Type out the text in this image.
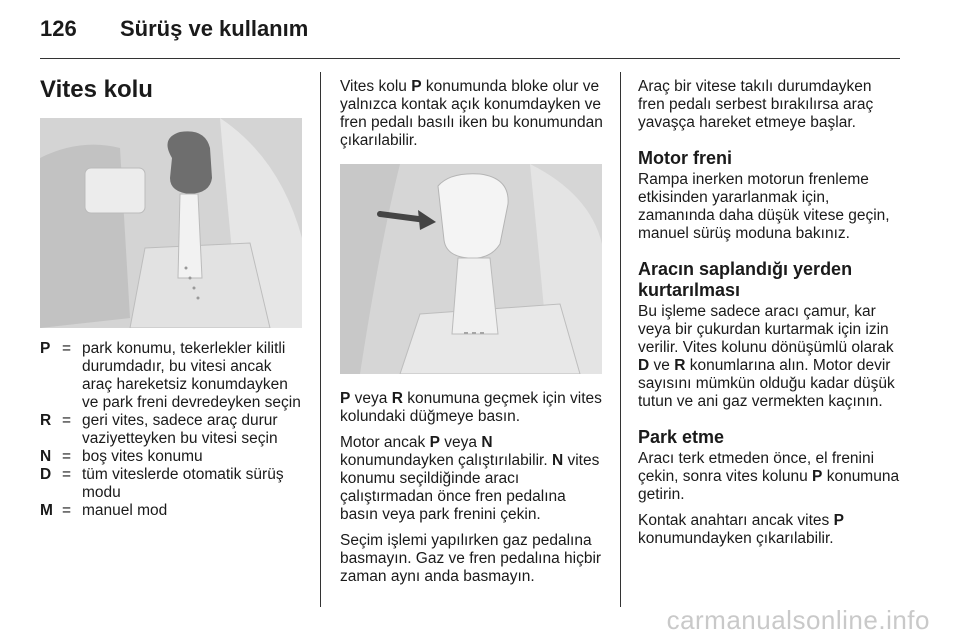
126	Sürüş ve kullanım
Vites kolu
P = park konumu, tekerlekler kilitli durumdadır, bu vitesi ancak araç hareketsiz konumdayken ve park freni devredeyken seçin
R = geri vites, sadece araç durur vaziyetteyken bu vitesi seçin
N = boş vites konumu
D = tüm viteslerde otomatik sürüş modu
M = manuel mod

Vites kolu P konumunda bloke olur ve yalnızca kontak açık konumdayken ve fren pedalı basılı iken bu konumundan çıkarılabilir.

P veya R konumuna geçmek için vites kolundaki düğmeye basın.

Motor ancak P veya N konumundayken çalıştırılabilir. N vites konumu seçildiğinde aracı çalıştırmadan önce fren pedalına basın veya park frenini çekin.

Seçim işlemi yapılırken gaz pedalına basmayın. Gaz ve fren pedalına hiçbir zaman aynı anda basmayın.

Araç bir vitese takılı durumdayken fren pedalı serbest bırakılırsa araç yavaşça hareket etmeye başlar.

Motor freni

Rampa inerken motorun frenleme etkisinden yararlanmak için, zamanında daha düşük vitese geçin, manuel sürüş moduna bakınız.

Aracın saplandığı yerden kurtarılması

Bu işleme sadece aracı çamur, kar veya bir çukurdan kurtarmak için izin verilir. Vites kolunu dönüşümlü olarak D ve R konumlarına alın. Motor devir sayısını mümkün olduğu kadar düşük tutun ve ani gaz vermekten kaçının.

Park etme

Aracı terk etmeden önce, el frenini çekin, sonra vites kolunu P konumuna getirin.

Kontak anahtarı ancak vites P konumundayken çıkarılabilir.

carmanualsonline.info
